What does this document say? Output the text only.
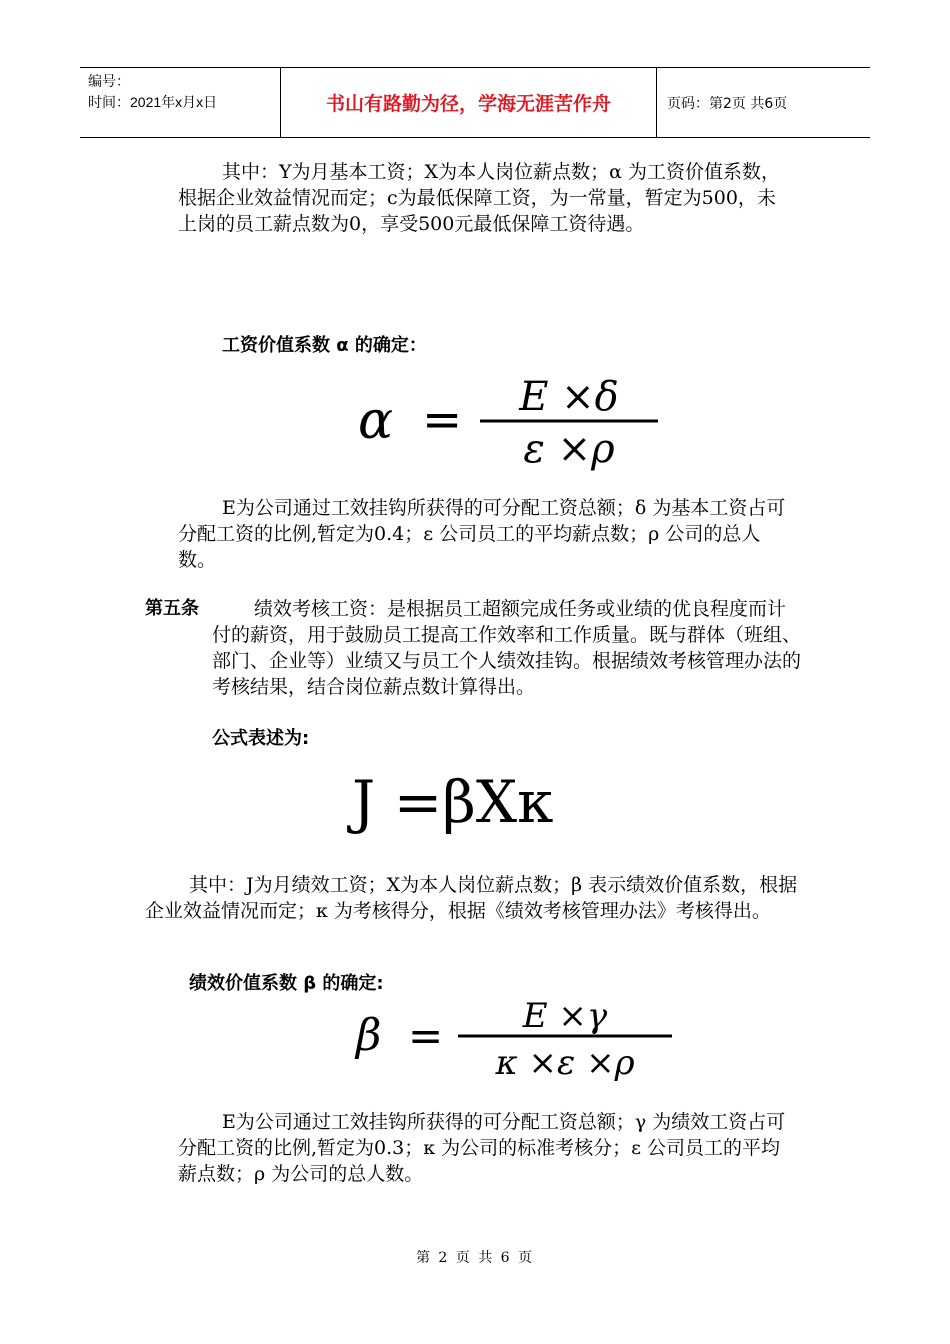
编号：
时间：2021年x月x日	书山有路勤为径，学海无涯苦作舟	页码：第2页 共6页

其中：Y为月基本工资；X为本人岗位薪点数；α 为工资价值系数，根据企业效益情况而定；c为最低保障工资，为一常量，暂定为500，未上岗的员工薪点数为0，享受500元最低保障工资待遇。

工资价值系数 α 的确定：

α = E ×δ
ε ×ρ

E为公司通过工效挂钩所获得的可分配工资总额；δ 为基本工资占可分配工资的比例,暂定为0.4；ε 公司员工的平均薪点数；ρ 公司的总人数。

第五条	绩效考核工资：是根据员工超额完成任务或业绩的优良程度而计付的薪资，用于鼓励员工提高工作效率和工作质量。既与群体（班组、部门、企业等）业绩又与员工个人绩效挂钩。根据绩效考核管理办法的考核结果，结合岗位薪点数计算得出。

公式表述为:

J =βXκ

其中：J为月绩效工资；X为本人岗位薪点数；β 表示绩效价值系数，根据企业效益情况而定；κ 为考核得分，根据《绩效考核管理办法》考核得出。

绩效价值系数 β 的确定:

β = E ×γ
κ ×ε ×ρ

E为公司通过工效挂钩所获得的可分配工资总额；γ 为绩效工资占可分配工资的比例,暂定为0.3；κ 为公司的标准考核分；ε 公司员工的平均薪点数；ρ 为公司的总人数。

第 2 页 共 6 页
